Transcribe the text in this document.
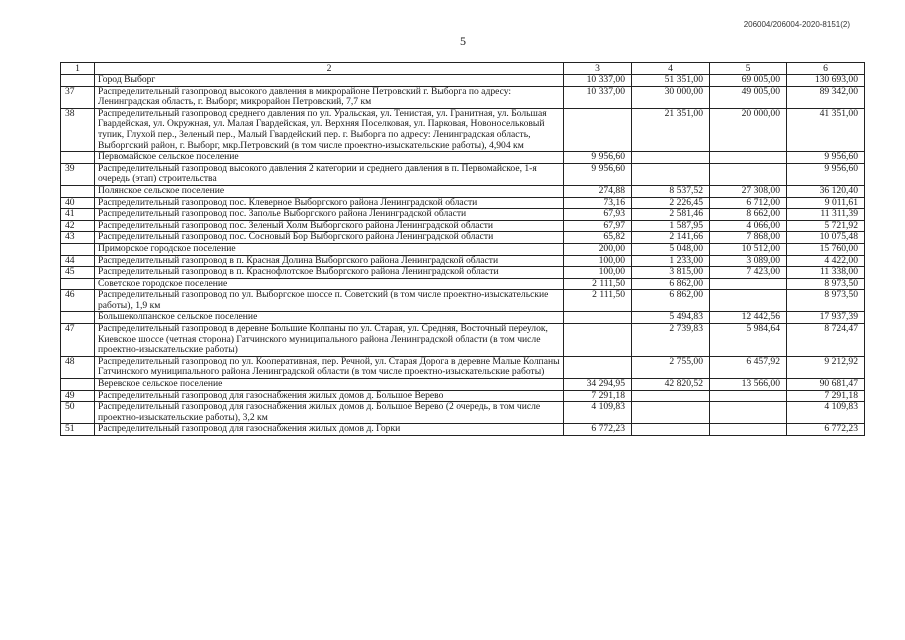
206004/206004-2020-8151(2)
5
1	2	3	4	5	6
	Город Выборг	10 337,00	51 351,00	69 005,00	130 693,00
37	Распределительный газопровод высокого давления в микрорайоне Петровский г. Выборга по адресу: Ленинградская область, г. Выборг, микрорайон Петровский, 7,7 км	10 337,00	30 000,00	49 005,00	89 342,00
38	Распределительный газопровод среднего давления по ул. Уральская, ул. Тенистая, ул. Гранитная, ул. Большая Гвардейская, ул. Окружная, ул. Малая Гвардейская, ул. Верхняя Поселковая, ул. Парковая, Новоносельковый тупик, Глухой пер., Зеленый пер., Малый Гвардейский пер. г. Выборга по адресу: Ленинградская область, Выборгский район, г. Выборг, мкр.Петровский (в том числе проектно-изыскательские работы), 4,904 км		21 351,00	20 000,00	41 351,00
	Первомайское сельское поселение	9 956,60			9 956,60
39	Распределительный газопровод высокого давления 2 категории и среднего давления в п. Первомайское, 1-я очередь (этап) строительства	9 956,60			9 956,60
	Полянское сельское поселение	274,88	8 537,52	27 308,00	36 120,40
40	Распределительный газопровод пос. Клеверное Выборгского района Ленинградской области	73,16	2 226,45	6 712,00	9 011,61
41	Распределительный газопровод пос. Заполье Выборгского района Ленинградской области	67,93	2 581,46	8 662,00	11 311,39
42	Распределительный газопровод пос. Зеленый Холм Выборгского района Ленинградской области	67,97	1 587,95	4 066,00	5 721,92
43	Распределительный газопровод пос. Сосновый Бор Выборгского района Ленинградской области	65,82	2 141,66	7 868,00	10 075,48
	Приморское городское поселение	200,00	5 048,00	10 512,00	15 760,00
44	Распределительный газопровод в п. Красная Долина Выборгского района Ленинградской области	100,00	1 233,00	3 089,00	4 422,00
45	Распределительный газопровод в п. Краснофлотское Выборгского района Ленинградской области	100,00	3 815,00	7 423,00	11 338,00
	Советское городское поселение	2 111,50	6 862,00		8 973,50
46	Распределительный газопровод по ул. Выборгское шоссе п. Советский (в том числе проектно-изыскательские работы), 1,9 км	2 111,50	6 862,00		8 973,50
	Большеколпанское сельское поселение		5 494,83	12 442,56	17 937,39
47	Распределительный газопровод в деревне Большие Колпаны по ул. Старая, ул. Средняя, Восточный переулок, Киевское шоссе (четная сторона) Гатчинского муниципального района Ленинградской области (в том числе проектно-изыскательские работы)		2 739,83	5 984,64	8 724,47
48	Распределительный газопровод по ул. Кооперативная, пер. Речной, ул. Старая Дорога в деревне Малые Колпаны Гатчинского муниципального района Ленинградской области (в том числе проектно-изыскательские работы)		2 755,00	6 457,92	9 212,92
	Веревское сельское поселение	34 294,95	42 820,52	13 566,00	90 681,47
49	Распределительный газопровод для газоснабжения жилых домов д. Большое Верево	7 291,18			7 291,18
50	Распределительный газопровод для газоснабжения жилых домов д. Большое Верево (2 очередь, в том числе проектно-изыскательские работы), 3,2 км	4 109,83			4 109,83
51	Распределительный газопровод для газоснабжения жилых домов д. Горки	6 772,23			6 772,23
